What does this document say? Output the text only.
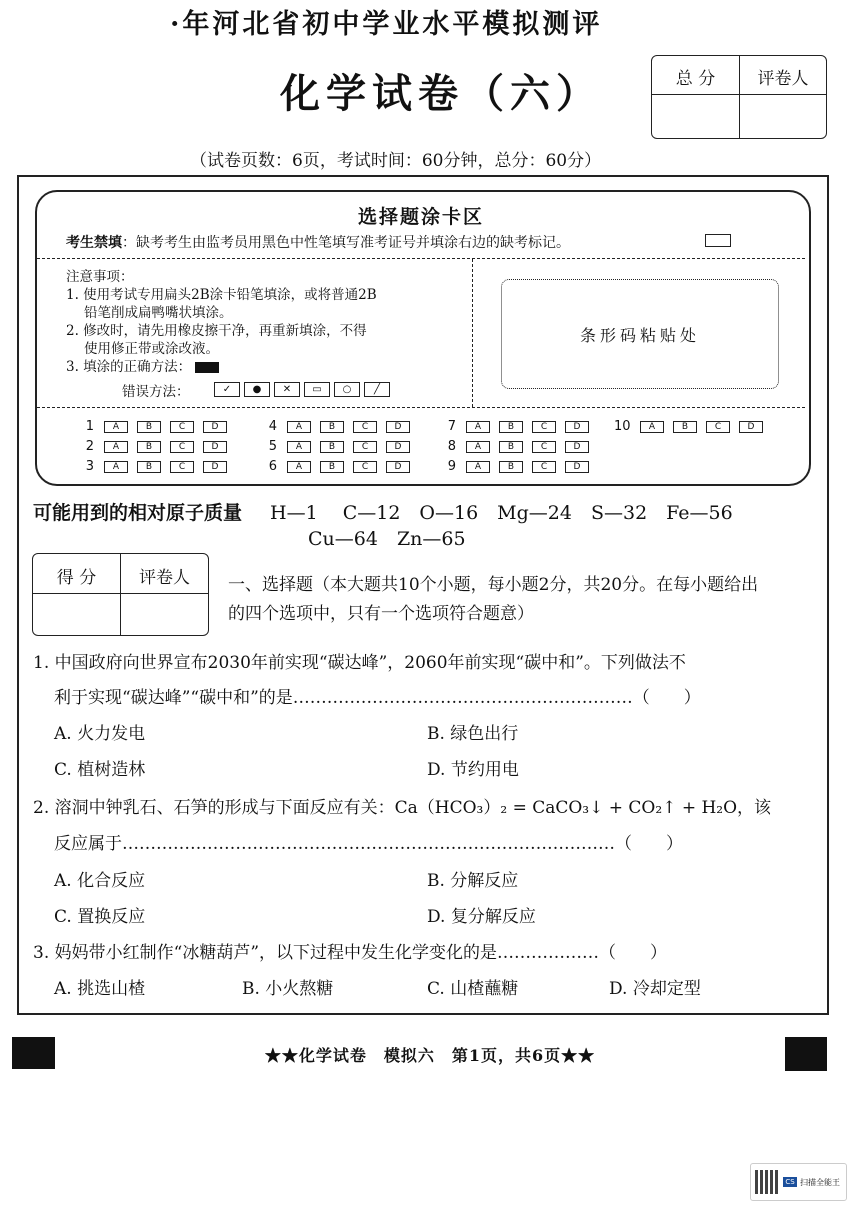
·年河北省初中学业水平模拟测评
化学试卷（六）	总 分	评卷人
（试卷页数：6页，考试时间：60分钟，总分：60分）
选择题涂卡区
考生禁填：缺考考生由监考员用黑色中性笔填写准考证号并填涂右边的缺考标记。
注意事项：
1. 使用考试专用扁头2B涂卡铅笔填涂，或将普通2B
铅笔削成扁鸭嘴状填涂。
2. 修改时，请先用橡皮擦干净，再重新填涂，不得
使用修正带或涂改液。
3. 填涂的正确方法：
错误方法：	✓	●	✕	▭	○	╱
条形码粘贴处
1	A	B	C	D
2	A	B	C	D
3	A	B	C	D
4	A	B	C	D
5	A	B	C	D
6	A	B	C	D
7	A	B	C	D
8	A	B	C	D
9	A	B	C	D
10	A	B	C	D
可能用到的相对原子质量 H—1　 C—12　O—16　Mg—24　S—32　Fe—56
Cu—64　Zn—65
得 分	评卷人	一、选择题（本大题共10个小题，每小题2分，共20分。在每小题给出
的四个选项中，只有一个选项符合题意）
1. 中国政府向世界宣布2030年前实现“碳达峰”，2060年前实现“碳中和”。下列做法不
利于实现“碳达峰”“碳中和”的是……………………………………………………（　　）
A. 火力发电	B. 绿色出行
C. 植树造林	D. 节约用电
2. 溶洞中钟乳石、石笋的形成与下面反应有关：Ca（HCO₃）₂ = CaCO₃↓ + CO₂↑ + H₂O，该
反应属于……………………………………………………………………………（　　）
A. 化合反应	B. 分解反应
C. 置换反应	D. 复分解反应
3. 妈妈带小红制作“冰糖葫芦”，以下过程中发生化学变化的是………………（　　）
A. 挑选山楂	B. 小火熬糖	C. 山楂蘸糖	D. 冷却定型
★★化学试卷　模拟六　第1页，共6页★★
CS 扫描全能王
